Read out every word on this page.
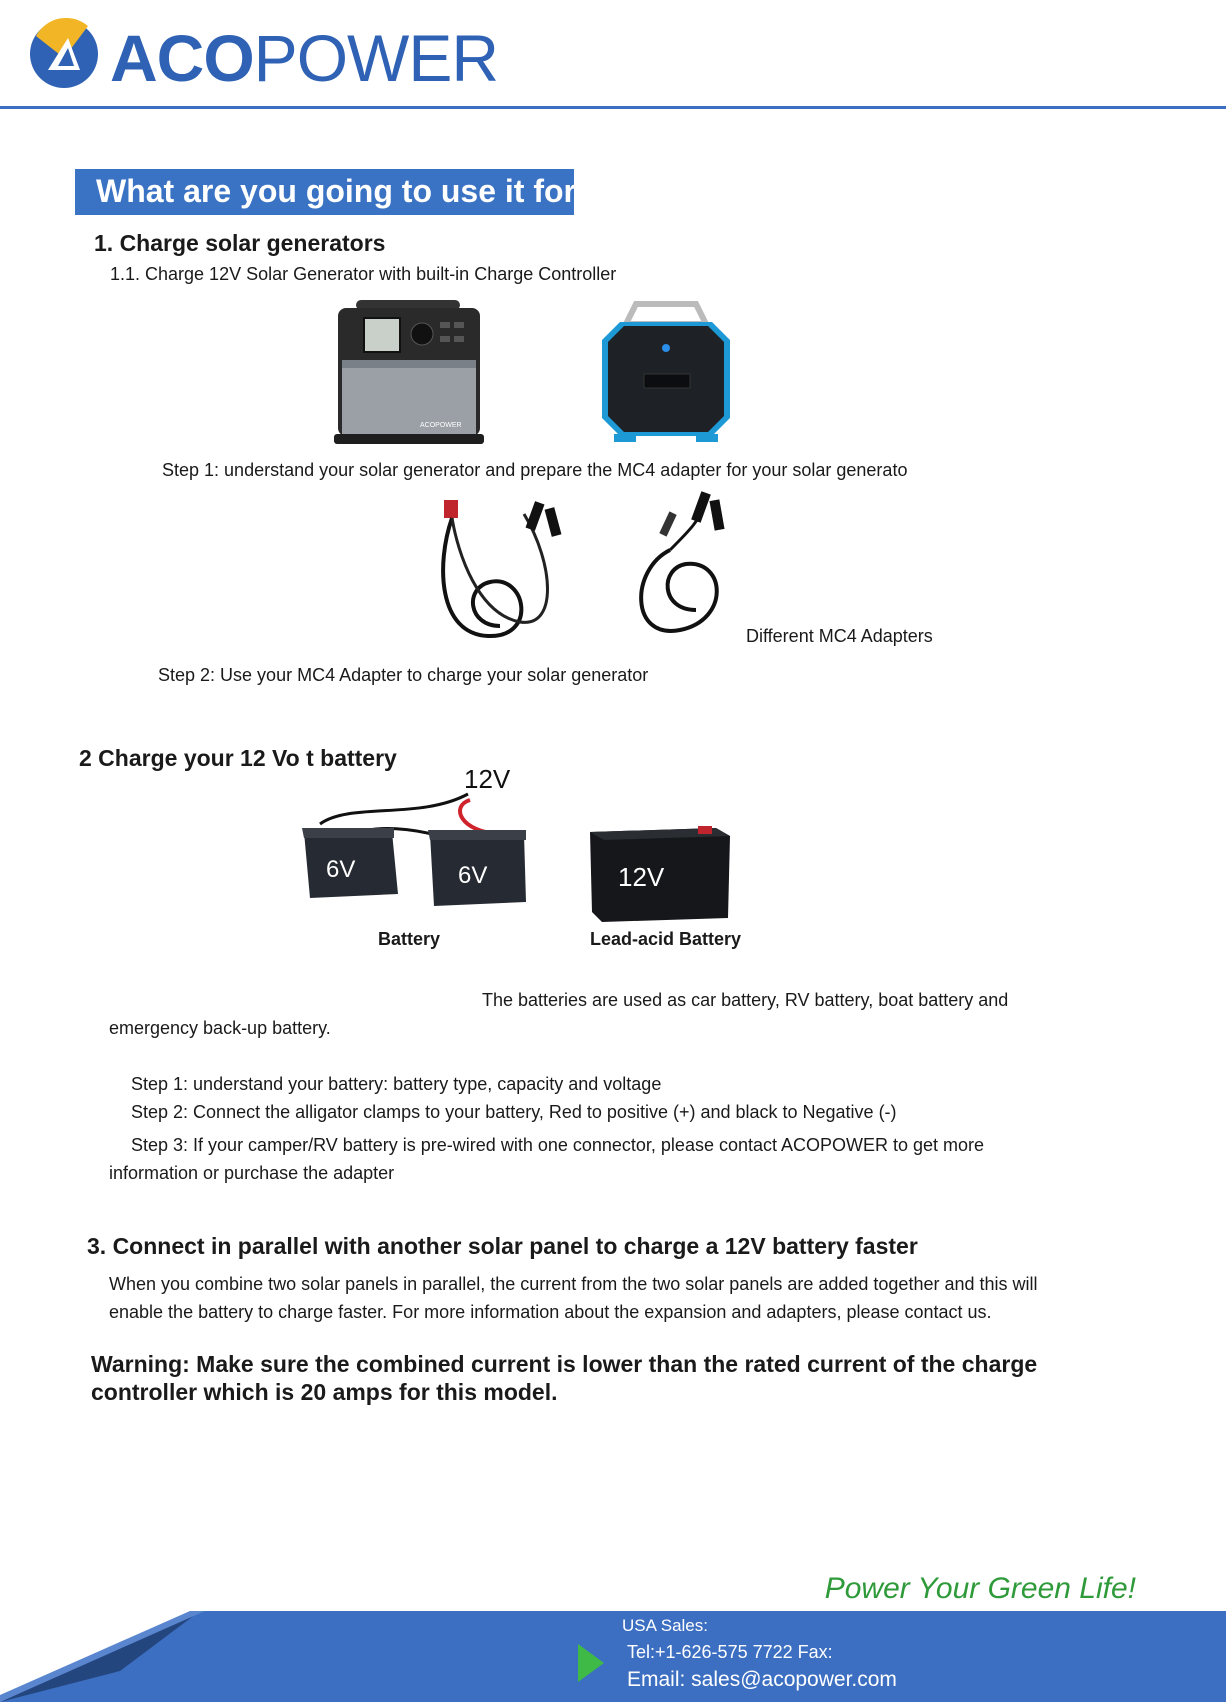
ACOPOWER
What are you going to use it for
1. Charge solar generators
1.1. Charge 12V Solar Generator with built-in Charge Controller
ACOPOWER
Step 1: understand your solar generator and prepare the MC4 adapter for your solar generato
Different MC4 Adapters
Step 2: Use your MC4 Adapter to charge your solar generator
2 Charge your 12 Vo t battery
6V	6V
12V
12V
Battery	Lead-acid Battery
The batteries are used as car battery, RV battery, boat battery and
emergency back-up battery.
Step 1: understand your battery: battery type, capacity and voltage
Step 2: Connect the alligator clamps to your battery, Red to positive (+) and black to Negative (-)
Step 3: If your camper/RV battery is pre-wired with one connector, please contact ACOPOWER to get more
information or purchase the adapter
3. Connect in parallel with another solar panel to charge a 12V battery faster
When you combine two solar panels in parallel, the current from the two solar panels are added together and this will
enable the battery to charge faster. For more information about the expansion and adapters, please contact us.
Warning: Make sure the combined current is lower than the rated current of the charge controller which is 20 amps for this model.
Power Your Green Life!
USA Sales:
Tel:+1-626-575 7722 Fax:
Email: sales@acopower.com
